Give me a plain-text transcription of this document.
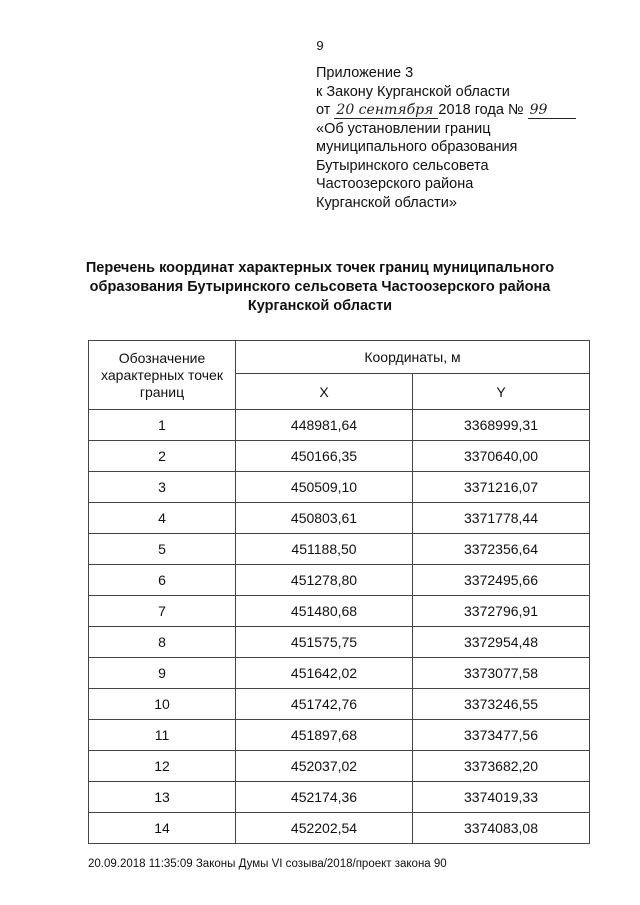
9
Приложение 3
к Закону Курганской области
от 20 сентября 2018 года № 99
«Об установлении границ
муниципального образования
Бутыринского сельсовета
Частоозерского района
Курганской области»
Перечень координат характерных точек границ муниципального
образования Бутыринского сельсовета Частоозерского района
Курганской области
Обозначение характерных точек границ	Координаты, м	
	X	Y
1	448981,64	3368999,31
2	450166,35	3370640,00
3	450509,10	3371216,07
4	450803,61	3371778,44
5	451188,50	3372356,64
6	451278,80	3372495,66
7	451480,68	3372796,91
8	451575,75	3372954,48
9	451642,02	3373077,58
10	451742,76	3373246,55
11	451897,68	3373477,56
12	452037,02	3373682,20
13	452174,36	3374019,33
14	452202,54	3374083,08
20.09.2018 11:35:09 Законы Думы VI созыва/2018/проект закона 90
